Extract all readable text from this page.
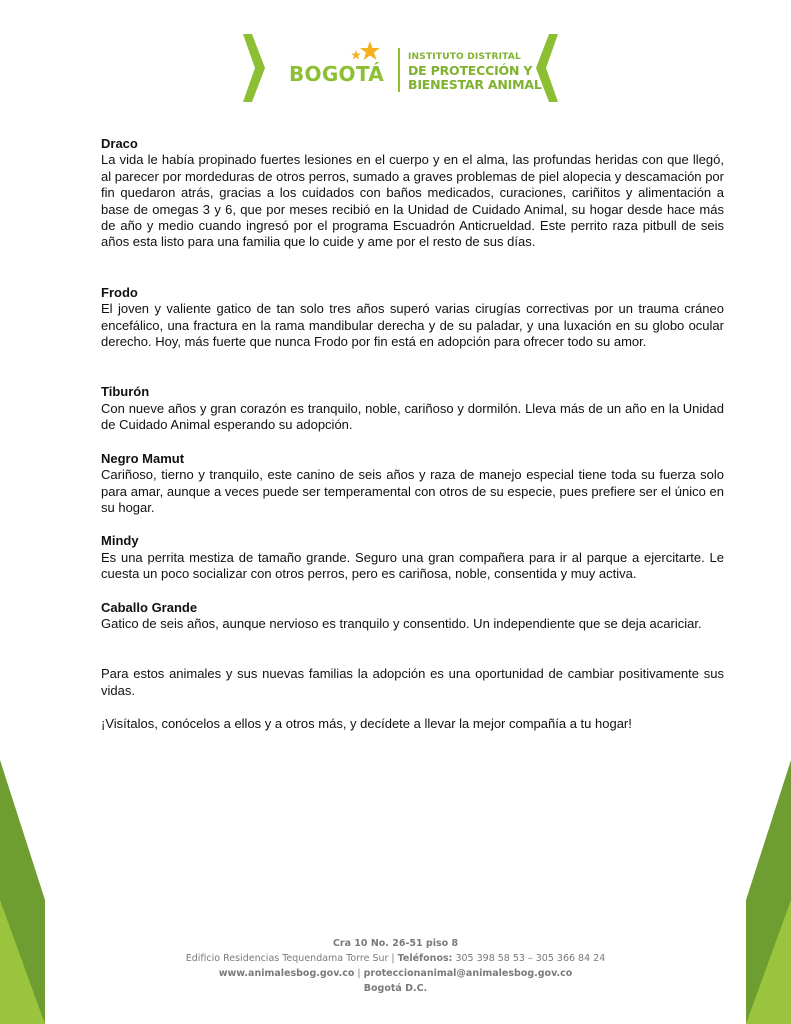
BOGOTÁ
INSTITUTO DISTRITAL
DE PROTECCIÓN Y
BIENESTAR ANIMAL

Draco

La vida le había propinado fuertes lesiones en el cuerpo y en el alma, las profundas heridas con que llegó, al parecer por mordeduras de otros perros, sumado a graves problemas de piel alopecia y descamación por fin quedaron atrás, gracias a los cuidados con baños medicados, curaciones, cariñitos y alimentación a base de omegas 3 y 6, que por meses recibió en la Unidad de Cuidado Animal, su hogar desde hace más de año y medio cuando ingresó por el programa Escuadrón Anticrueldad. Este perrito raza pitbull de seis años esta listo para una familia que lo cuide y ame por el resto de sus días.

Frodo

El joven y valiente gatico de tan solo tres años superó varias cirugías correctivas por un trauma cráneo encefálico, una fractura en la rama mandibular derecha y de su paladar, y una luxación en su globo ocular derecho. Hoy, más fuerte que nunca Frodo por fin está en adopción para ofrecer todo su amor.

Tiburón

Con nueve años y gran corazón es tranquilo, noble, cariñoso y dormilón. Lleva más de un año en la Unidad de Cuidado Animal esperando su adopción.

Negro Mamut

Cariñoso, tierno y tranquilo, este canino de seis años y raza de manejo especial tiene toda su fuerza solo para amar, aunque a veces puede ser temperamental con otros de su especie, pues prefiere ser el único en su hogar.

Mindy

Es una perrita mestiza de tamaño grande. Seguro una gran compañera para ir al parque a ejercitarte. Le cuesta un poco socializar con otros perros, pero es cariñosa, noble, consentida y muy activa.

Caballo Grande

Gatico de seis años, aunque nervioso es tranquilo y consentido. Un independiente que se deja acariciar.

Para estos animales y sus nuevas familias la adopción es una oportunidad de cambiar positivamente sus vidas.

¡Visítalos, conócelos a ellos y a otros más, y decídete a llevar la mejor compañía a tu hogar!

Cra 10 No. 26-51 piso 8
Edificio Residencias Tequendama Torre Sur | Teléfonos: 305 398 58 53 – 305 366 84 24
www.animalesbog.gov.co | proteccionanimal@animalesbog.gov.co
Bogotá D.C.
